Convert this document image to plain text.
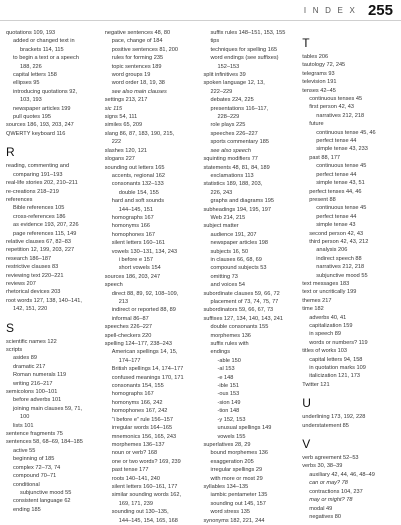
I N D E X 255
quotations 109, 193
added or changed text in
brackets 114, 115
to begin a text or a speech
188, 226
capital letters 158
ellipses 95
introducing quotations 92,
103, 193
newspaper articles 199
pull quotes 195
sources 186, 193, 203, 247
QWERTY keyboard 116
R
reading, commenting and
comparing 191–193
real-life stories 202, 210–211
re-creations 218–219
references
Bible references 105
cross-references 186
as evidence 193, 207, 226
page references 115, 149
relative clauses 67, 82–83
repetition 12, 199, 203, 227
research 186–187
restrictive clauses 83
reviewing text 220–221
reviews 207
rhetorical devices 203
root words 127, 138, 140–141,
142, 151, 220
S
scientific names 122
scripts
asides 89
dramatic 217
Roman numerals 119
writing 216–217
semicolons 100–101
before adverbs 101
joining main clauses 59, 71,
100
lists 101
sentence fragments 75
sentences 58, 68–69, 184–185
active 55
beginning of 185
complex 72–73, 74
compound 70–71
conditional
subjunctive mood 55
consistent language 62
ending 185
negative sentences 48, 80
pace, change of 184
positive sentences 81, 200
rules for forming 235
topic sentences 189
word groups 19
word order 18, 19, 38
see also main clauses
settings 213, 217
sic 115
signs 54, 111
similes 65, 209
slang 86, 87, 183, 190, 215,
222
slashes 120, 121
slogans 227
sounding out letters 165
accents, regional 162
consonants 132–133
double 154, 155
hard and soft sounds
144–145, 151
homographs 167
homonyms 166
homophones 167
silent letters 160–161
vowels 130–131, 134, 243
i before e 157
short vowels 154
sources 186, 203, 247
speech
direct 88, 89, 92, 108–109,
213
indirect or reported 88, 89
informal 86–87
speeches 226–227
spell-checkers 220
spelling 124–177, 238–243
American spellings 14, 15,
174–177
British spellings 14, 174–177
confused meanings 170, 171
consonants 154, 155
homographs 167
homonyms 166, 242
homophones 167, 242
“i before e” rule 156–157
irregular words 164–165
mnemonics 156, 165, 243
morphemes 136–137
noun or verb? 168
one or two words? 169, 239
past tense 177
roots 140–141, 240
silent letters 160–161, 177
similar sounding words 162,
169, 171, 239
sounding out 130–135,
144–145, 154, 165, 168
suffix rules 148–151, 153, 155
tips
techniques for spelling 165
word endings (see suffixes)
152–153
split infinitives 39
spoken language 12, 13,
222–229
debates 224, 225
presentations 116–117,
228–229
role plays 225
speeches 226–227
sports commentary 185
see also speech
squinting modifiers 77
statements 48, 81, 84, 189
exclamations 113
statistics 189, 188, 203,
226, 243
graphs and diagrams 195
subheadings 194, 195, 197
Web 214, 215
subject matter
audience 191, 207
newspaper articles 198
subjects 16, 50
in clauses 66, 68, 69
compound subjects 53
omitting 73
and voices 54
subordinate clauses 59, 66, 72
placement of 73, 74, 75, 77
subordinators 59, 66, 67, 73
suffixes 127, 134, 140, 143, 241
double consonants 155
morphemes 136
suffix rules with
endings
-able 150
-al 153
-e 148
-ible 151
-ous 153
-sion 149
-tion 148
-y 152, 153
unusual spellings 149
vowels 155
superlatives 28, 29
bound morphemes 136
exaggeration 205
irregular spellings 29
with more or most 29
syllables 134–135
iambic pentameter 135
sounding out 145, 157
word stress 135
synonyms 182, 221, 244
T
tables 206
tautology 72, 245
telegrams 93
television 191
tenses 42–45
continuous tenses 45
first person 42, 43
narratives 212, 218
future
continuous tense 45, 46
perfect tense 44
simple tense 43, 233
past 88, 177
continuous tense 45
perfect tense 44
simple tense 43, 51
perfect tenses 44, 46
present 88
continuous tense 45
perfect tense 44
simple tense 43
second person 42, 43
third person 42, 43, 212
analysis 206
indirect speech 88
narratives 212, 218
subjunctive mood 55
text messages 183
text or uncritically 199
themes 217
time 182
adverbs 40, 41
capitalization 159
in speech 89
words or numbers? 119
titles of works 103
capital letters 94, 158
in quotation marks 109
italicization 121, 173
Twitter 121
U
underlining 173, 192, 228
understatement 85
V
verb agreement 52–53
verbs 30, 38–39
auxiliary 42, 44, 46, 48–49
can or may? 78
contractions 104, 237
may or might? 78
modal 49
negatives 80
